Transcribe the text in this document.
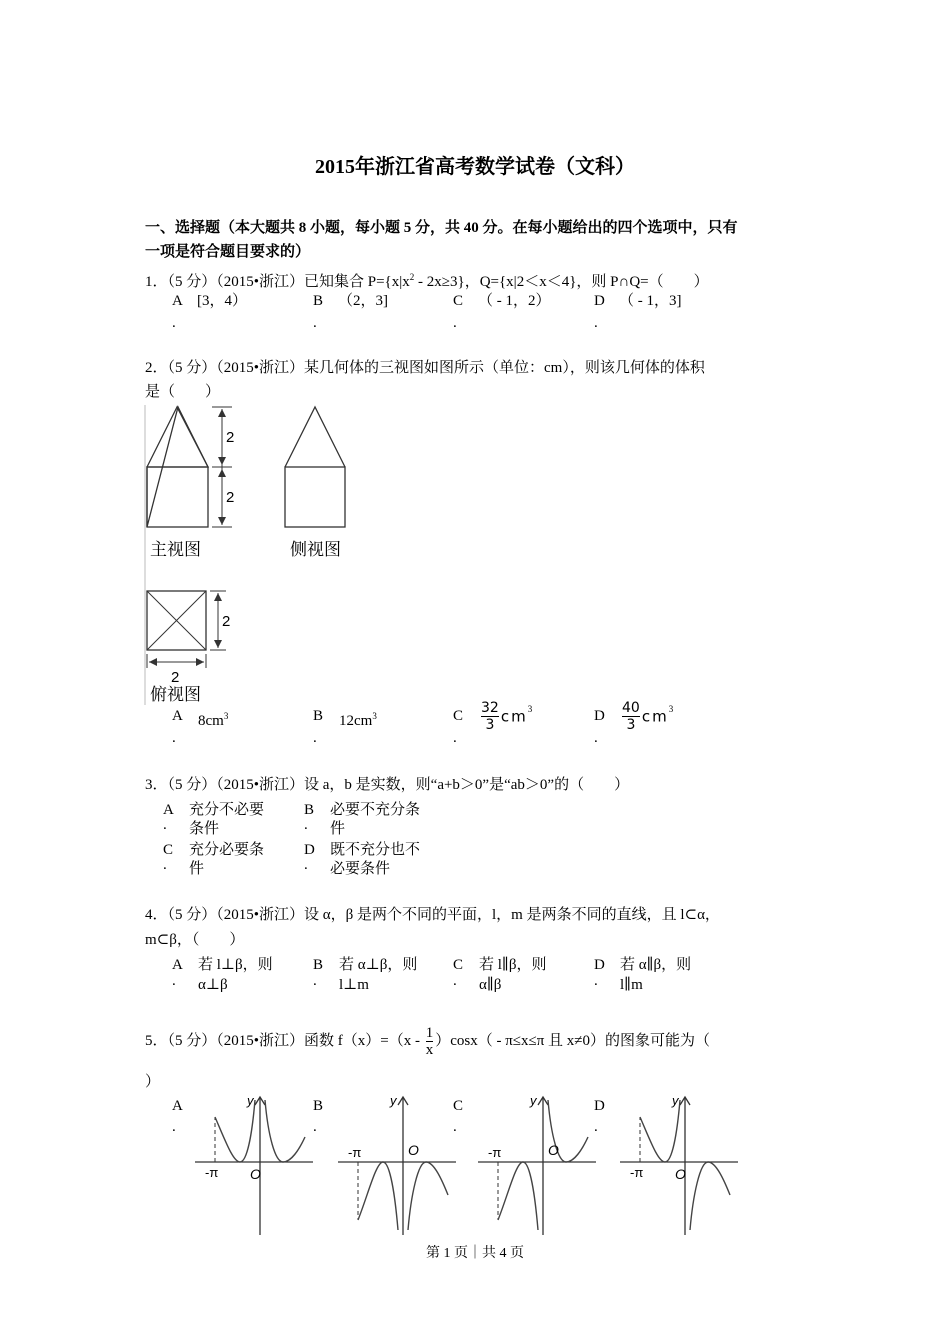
2015年浙江省高考数学试卷（文科）
一、选择题（本大题共 8 小题，每小题 5 分，共 40 分。在每小题给出的四个选项中，只有
一项是符合题目要求的）
1．（5 分）（2015•浙江）已知集合 $P=\{x|x^2 - 2x\ge 3\}$，Q={x|2＜x＜4}，则 P∩Q=（　　）
2．（5 分）（2015•浙江）某几何体的三视图如图所示（单位：cm），则该几何体的体积
是（　　）
2
2
主视图	侧视图
2
2
俯视图
3．（5 分）（2015•浙江）设 a，b 是实数，则“a+b＞0”是“ab＞0”的（　　）
4．（5 分）（2015•浙江）设 α，β 是两个不同的平面，l，m 是两条不同的直线，且 l⊂α，
m⊂β，（　　）
5．（5 分）（2015•浙江）函数 $f(x)=(x - \frac{1}{x} )\cos x( - \pi\le x\le\pi$ 且 x≠0）的图象可能为（
）
第 1 页｜共 4 页
A [3，4）
.
B （2，3]
.
C （ - 1，2）
.
D （ - 1，3]
.
A $8cm^3$
.
B $12cm^3$
.
C $\frac{32}{3} cm^3$
.
D $\frac{40}{3} cm^3$
.
A 充分不必要
. 条件
B 必要不充分条
. 件
C 充分必要条
. 件
D 既不充分也不
. 必要条件
A 若 l⊥β，则
. α⊥β
B 若 α⊥β，则
. l⊥m
C 若 l∥β，则
. α∥β
D 若 α∥β，则
. l∥m
A
.
y
O
-π
B
.
y
O
-π
C
.
y
O
-π
D
.
y
O
-π
